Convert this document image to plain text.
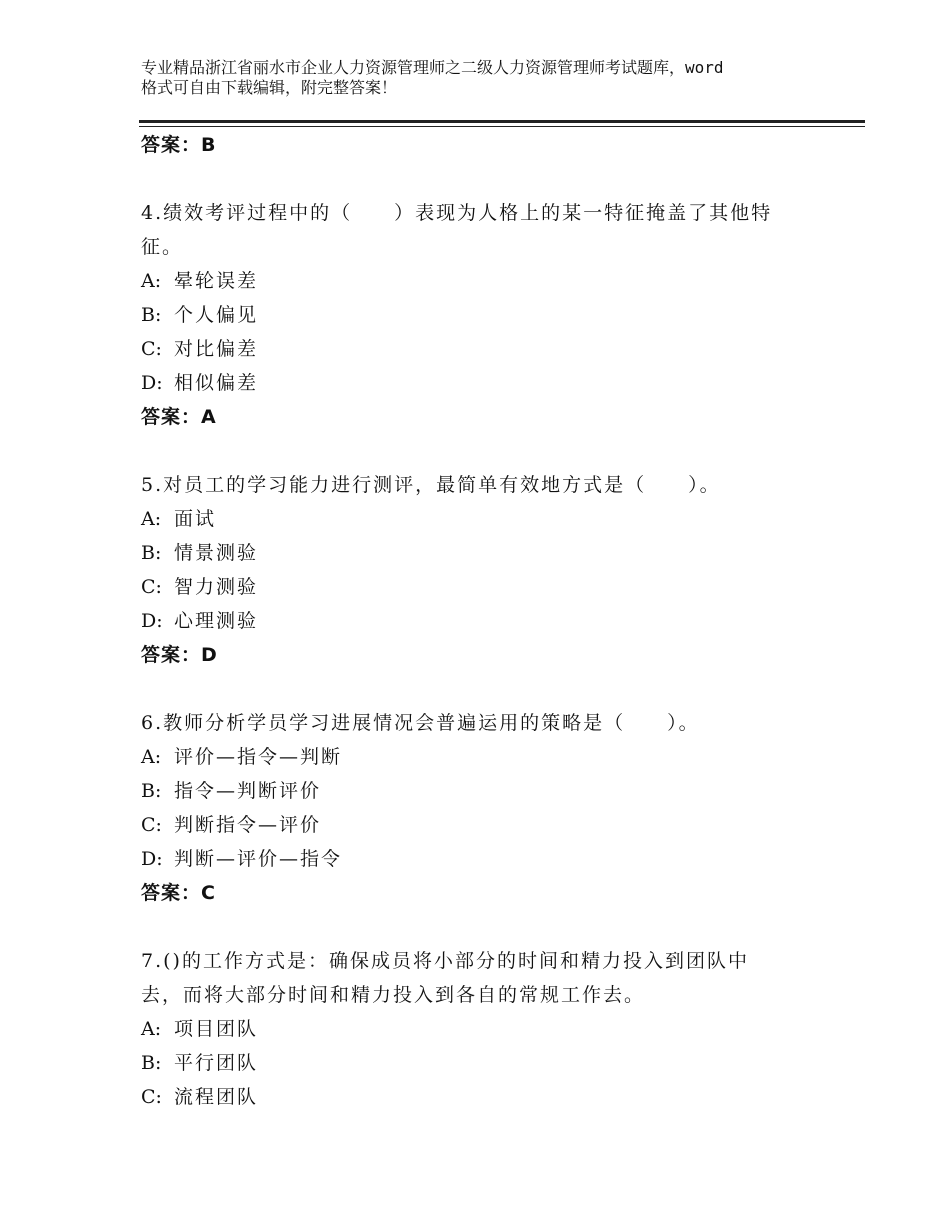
专业精品浙江省丽水市企业人力资源管理师之二级人力资源管理师考试题库，word
格式可自由下载编辑，附完整答案！
答案：B
4.绩效考评过程中的（　　）表现为人格上的某一特征掩盖了其他特
征。
A: 晕轮误差
B: 个人偏见
C: 对比偏差
D: 相似偏差
答案：A
5.对员工的学习能力进行测评，最简单有效地方式是（　　）。
A: 面试
B: 情景测验
C: 智力测验
D: 心理测验
答案：D
6.教师分析学员学习进展情况会普遍运用的策略是（　　）。
A: 评价—指令—判断
B: 指令—判断评价
C: 判断指令—评价
D: 判断—评价—指令
答案：C
7.()的工作方式是：确保成员将小部分的时间和精力投入到团队中
去，而将大部分时间和精力投入到各自的常规工作去。
A: 项目团队
B: 平行团队
C: 流程团队
